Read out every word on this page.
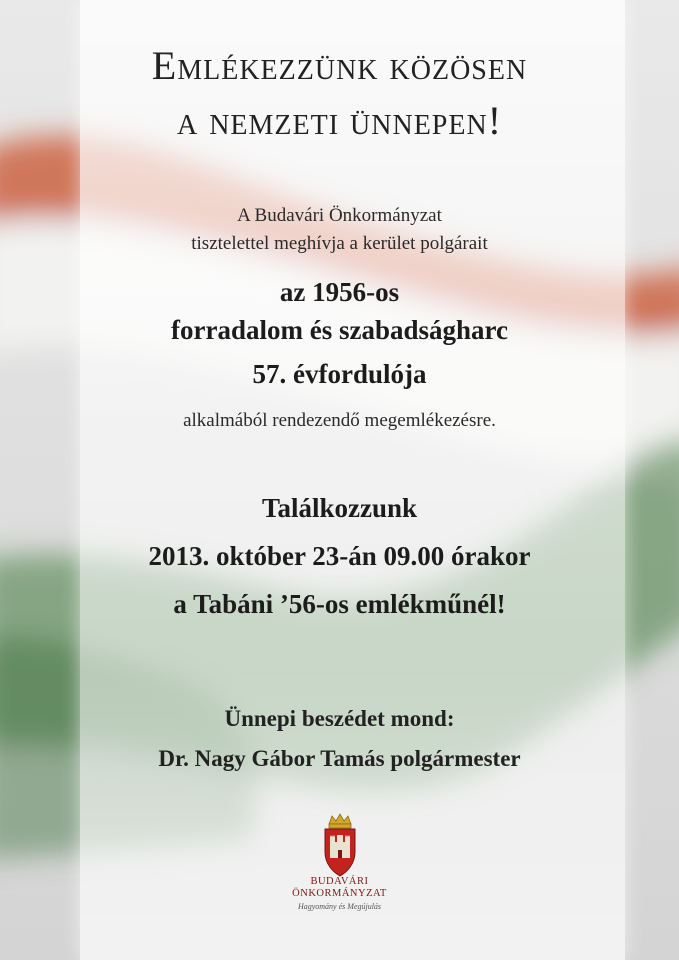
Emlékezzünk közösen
a nemzeti ünnepen!
A Budavári Önkormányzat
tisztelettel meghívja a kerület polgárait
az 1956-os
forradalom és szabadságharc
57. évfordulója
alkalmából rendezendő megemlékezésre.
Találkozzunk
2013. október 23-án 09.00 órakor
a Tabáni ’56-os emlékműnél!
Ünnepi beszédet mond:
Dr. Nagy Gábor Tamás polgármester
BUDAVÁRI
ÖNKORMÁNYZAT
Hagyomány és Megújulás
